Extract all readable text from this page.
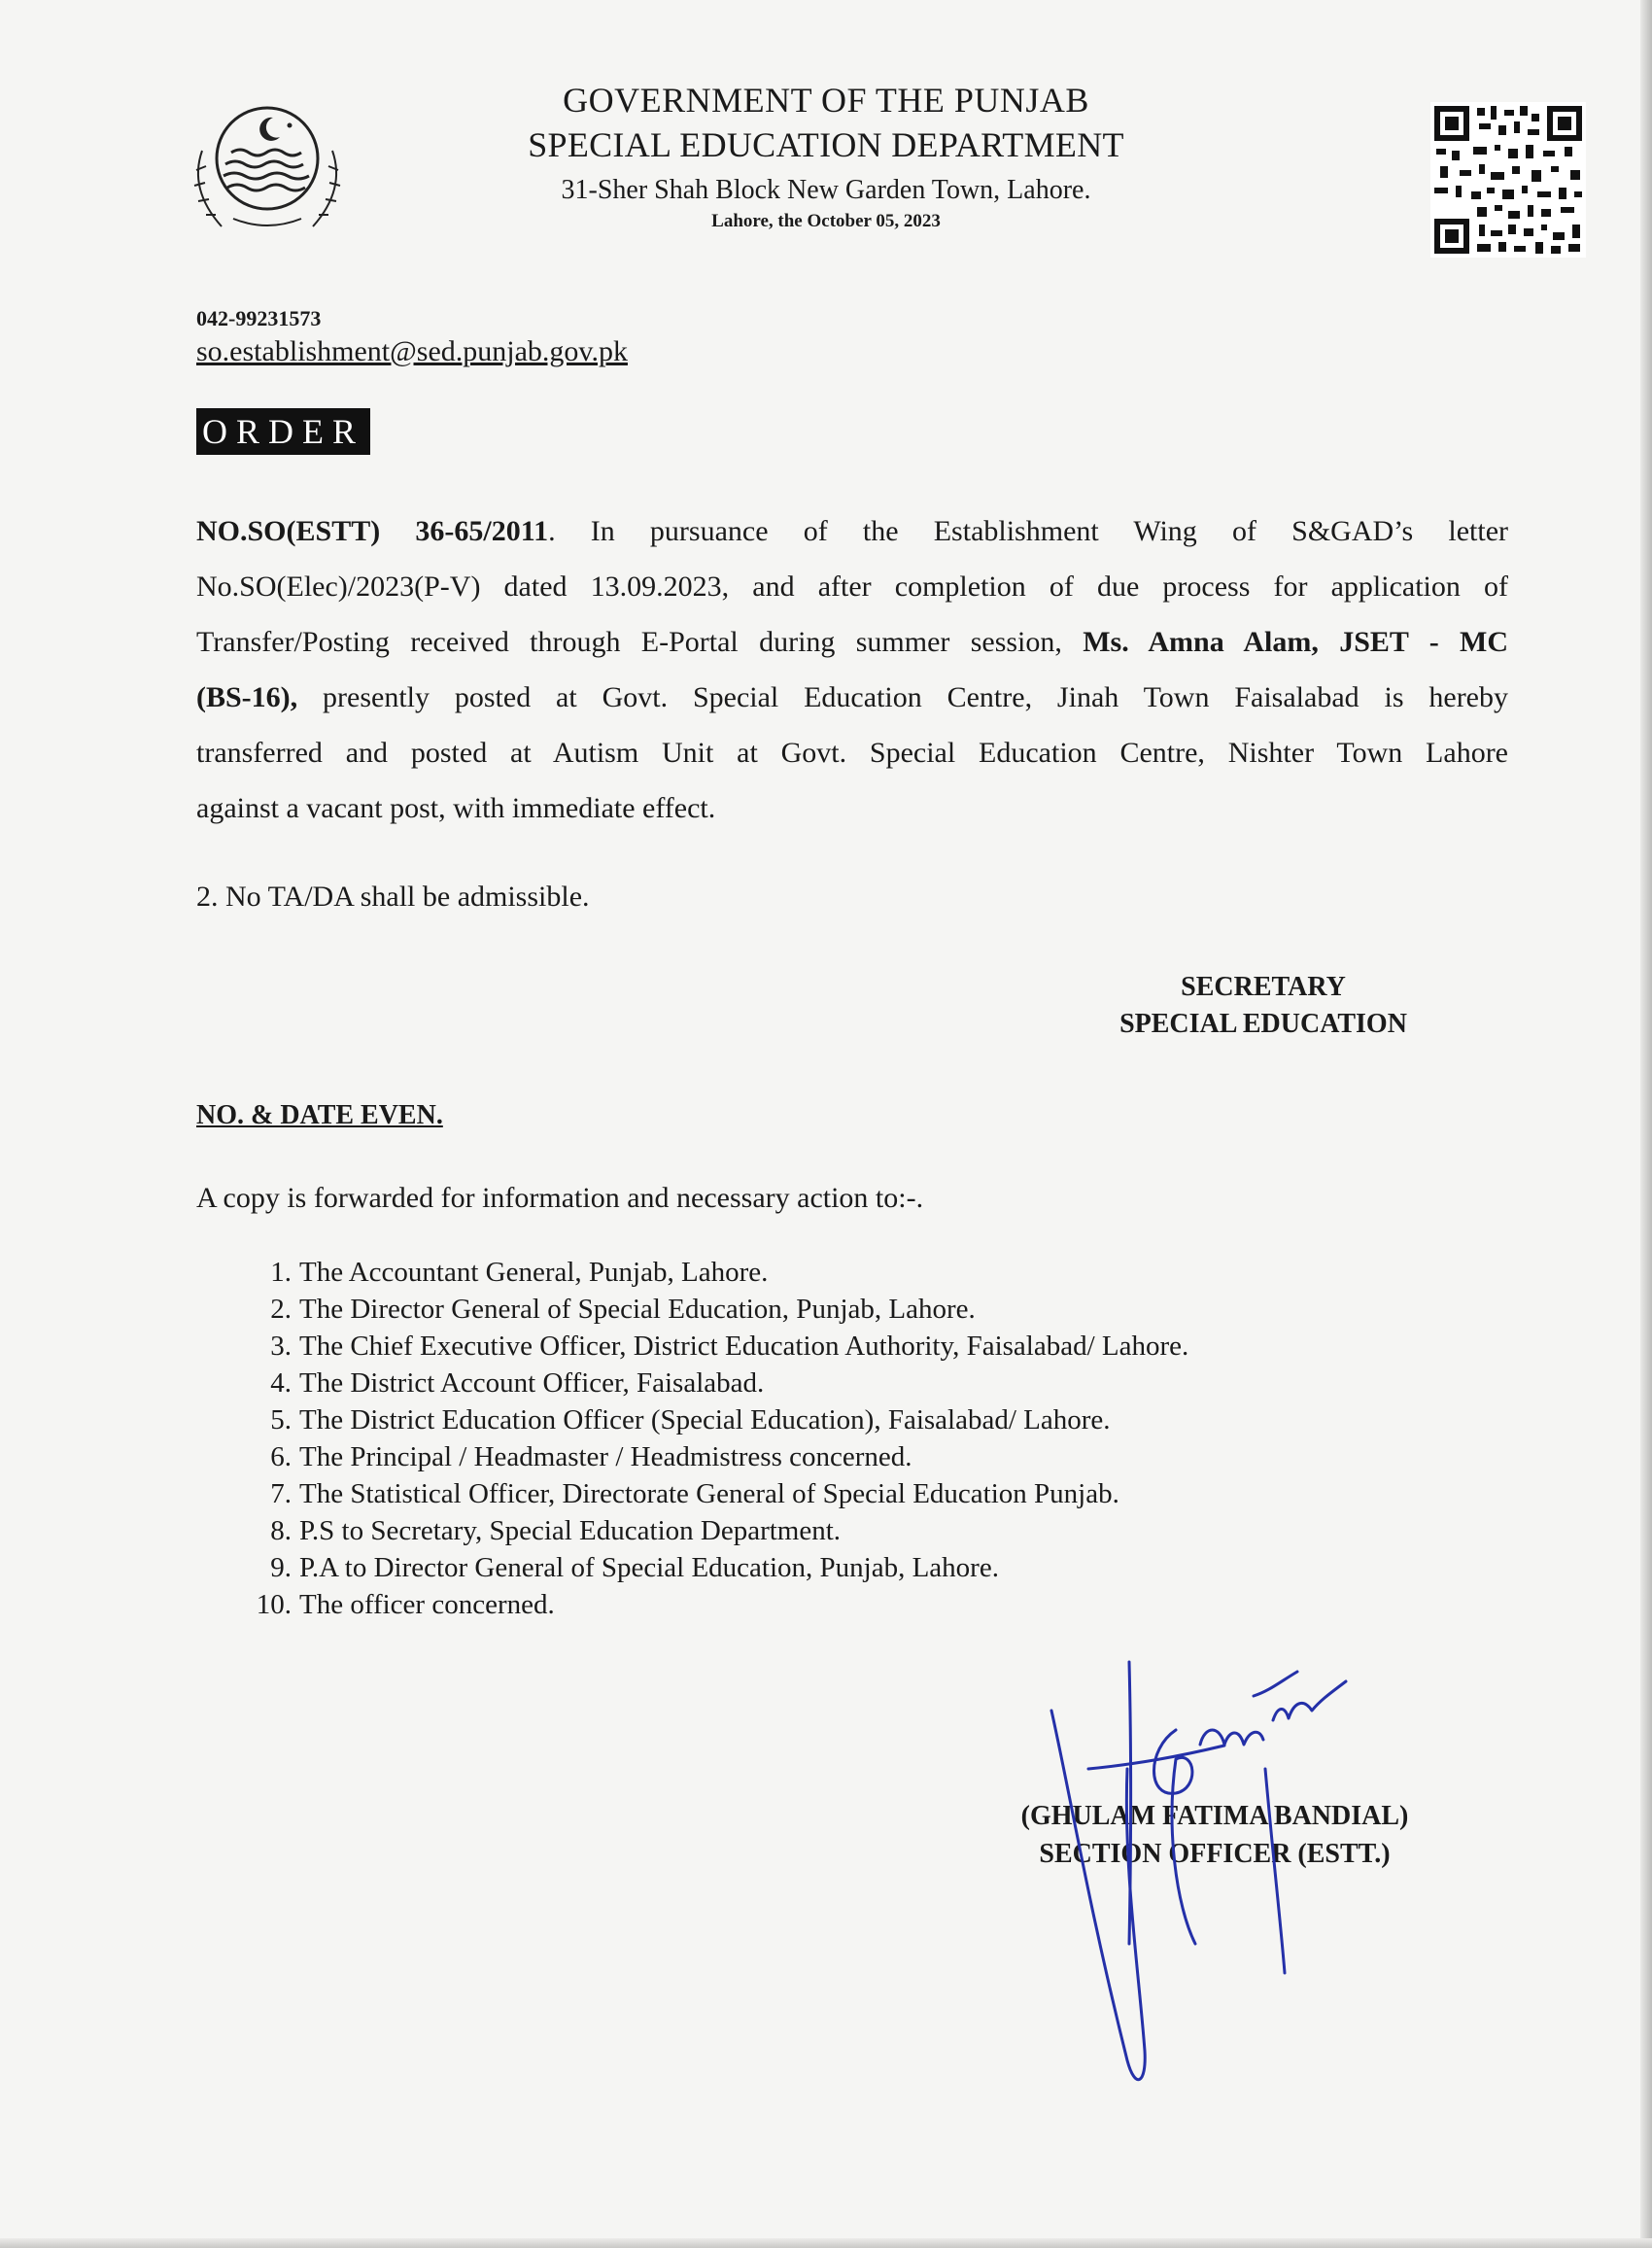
GOVERNMENT OF THE PUNJAB
SPECIAL EDUCATION DEPARTMENT
31-Sher Shah Block New Garden Town, Lahore.
Lahore, the October 05, 2023
042-99231573
so.establishment@sed.punjab.gov.pk
ORDER
NO.SO(ESTT) 36-65/2011. In pursuance of the Establishment Wing of S&GAD’s letter
No.SO(Elec)/2023(P-V) dated 13.09.2023, and after completion of due process for application of
Transfer/Posting received through E-Portal during summer session, Ms. Amna Alam, JSET - MC
(BS-16), presently posted at Govt. Special Education Centre, Jinah Town Faisalabad is hereby
transferred and posted at Autism Unit at Govt. Special Education Centre, Nishter Town Lahore
against a vacant post, with immediate effect.
2. No TA/DA shall be admissible.
SECRETARY
SPECIAL EDUCATION
NO. & DATE EVEN.
A copy is forwarded for information and necessary action to:-.
1. The Accountant General, Punjab, Lahore.
2. The Director General of Special Education, Punjab, Lahore.
3. The Chief Executive Officer, District Education Authority, Faisalabad/ Lahore.
4. The District Account Officer, Faisalabad.
5. The District Education Officer (Special Education), Faisalabad/ Lahore.
6. The Principal / Headmaster / Headmistress concerned.
7. The Statistical Officer, Directorate General of Special Education Punjab.
8. P.S to Secretary, Special Education Department.
9. P.A to Director General of Special Education, Punjab, Lahore.
10. The officer concerned.
(GHULAM FATIMA BANDIAL)
SECTION OFFICER (ESTT.)
